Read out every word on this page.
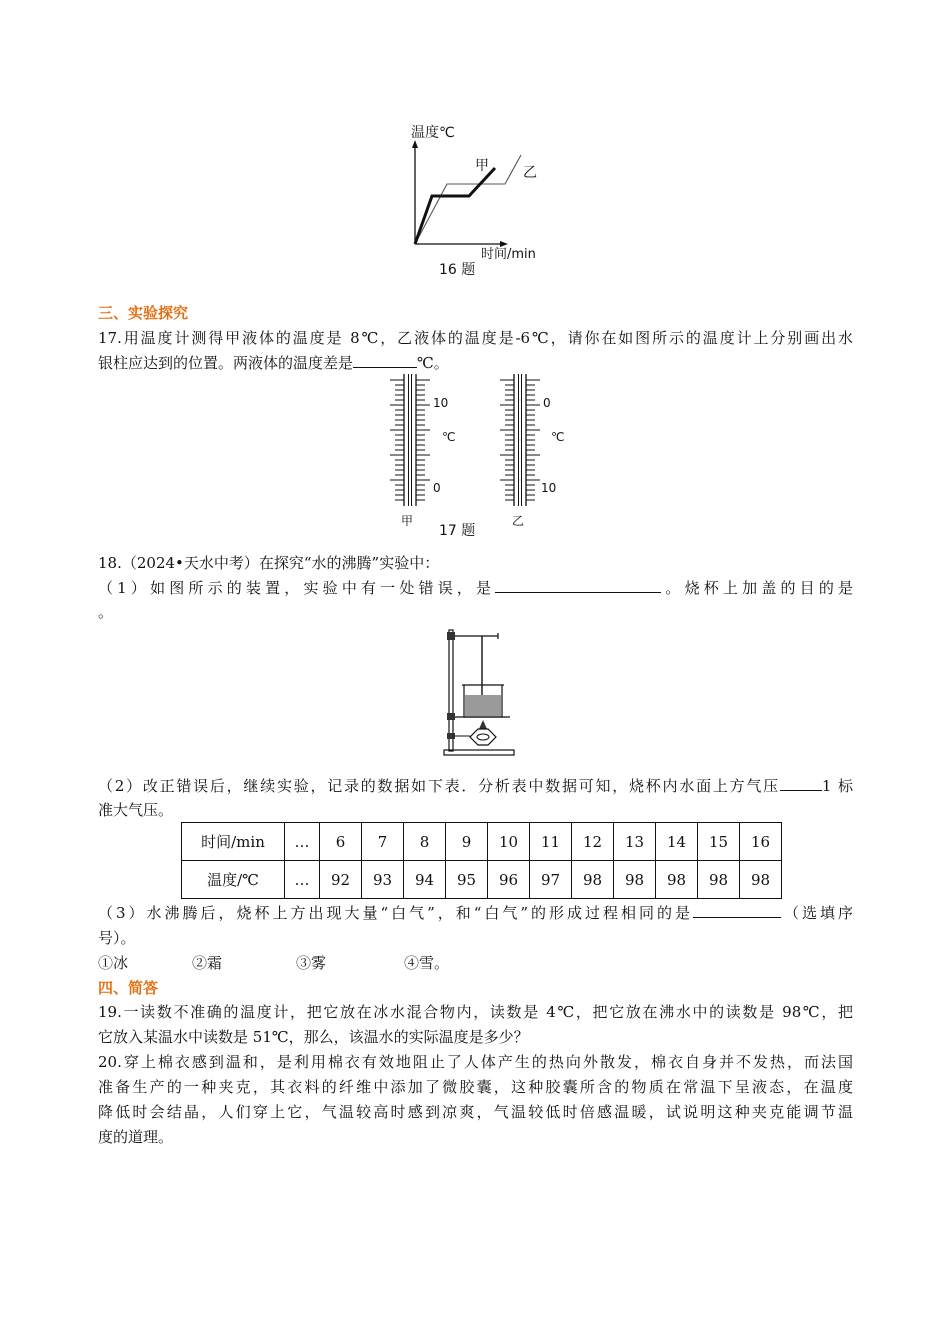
温度℃
甲 乙
时间/min
16 题
三、实验探究
17.用温度计测得甲液体的温度是 8℃，乙液体的温度是-6℃，请你在如图所示的温度计上分别画出水
银柱应达到的位置。两液体的温度差是	℃。
10
℃
0
甲
0
℃
10
乙
17 题
18.（2024•天水中考）在探究“水的沸腾”实验中：
（1）如图所示的装置，实验中有一处错误，是	。烧杯上加盖的目的是
。
（2）改正错误后，继续实验，记录的数据如下表．分析表中数据可知，烧杯内水面上方气压	1 标
准大气压。
时间/min	…	6	7	8	9	10	11	12	13	14	15	16
温度/℃	…	92	93	94	95	96	97	98	98	98	98	98
（3）水沸腾后，烧杯上方出现大量“白气”，和“白气”的形成过程相同的是	（选填序
号）。
①冰	②霜	③雾	④雪。
四、简答
19.一读数不准确的温度计，把它放在冰水混合物内，读数是 4℃，把它放在沸水中的读数是 98℃，把
它放入某温水中读数是 51℃，那么，该温水的实际温度是多少？
20.穿上棉衣感到温和，是利用棉衣有效地阻止了人体产生的热向外散发，棉衣自身并不发热，而法国
准备生产的一种夹克，其衣料的纤维中添加了微胶囊，这种胶囊所含的物质在常温下呈液态，在温度
降低时会结晶，人们穿上它，气温较高时感到凉爽，气温较低时倍感温暖，试说明这种夹克能调节温
度的道理。
